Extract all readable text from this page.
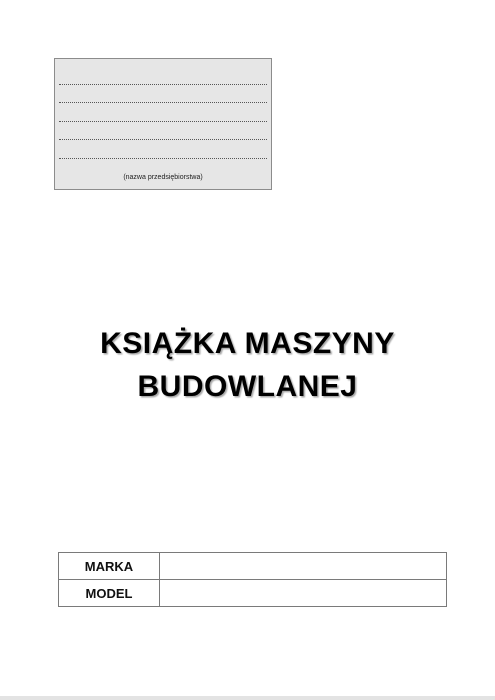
(nazwa przedsiębiorstwa)
KSIĄŻKA MASZYNY
BUDOWLANEJ
MARKA	
MODEL	
